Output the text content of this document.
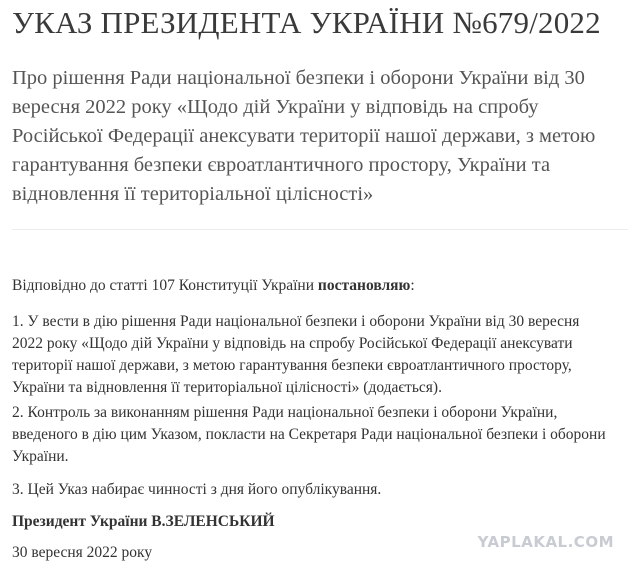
УКАЗ ПРЕЗИДЕНТА УКРАЇНИ №679/2022
Про рішення Ради національної безпеки і оборони України від 30 вересня 2022 року «Щодо дій України у відповідь на спробу Російської Федерації анексувати території нашої держави, з метою гарантування безпеки євроатлантичного простору, України та відновлення її територіальної цілісності»
Відповідно до статті 107 Конституції України постановляю:
1. У вести в дію рішення Ради національної безпеки і оборони України від 30 вересня 2022 року «Щодо дій України у відповідь на спробу Російської Федерації анексувати території нашої держави, з метою гарантування безпеки євроатлантичного простору, України та відновлення її територіальної цілісності» (додається).
2. Контроль за виконанням рішення Ради національної безпеки і оборони України, введеного в дію цим Указом, покласти на Секретаря Ради національної безпеки і оборони України.
3. Цей Указ набирає чинності з дня його опублікування.
Президент України В.ЗЕЛЕНСЬКИЙ
30 вересня 2022 року
YAPLAKAL.COM
